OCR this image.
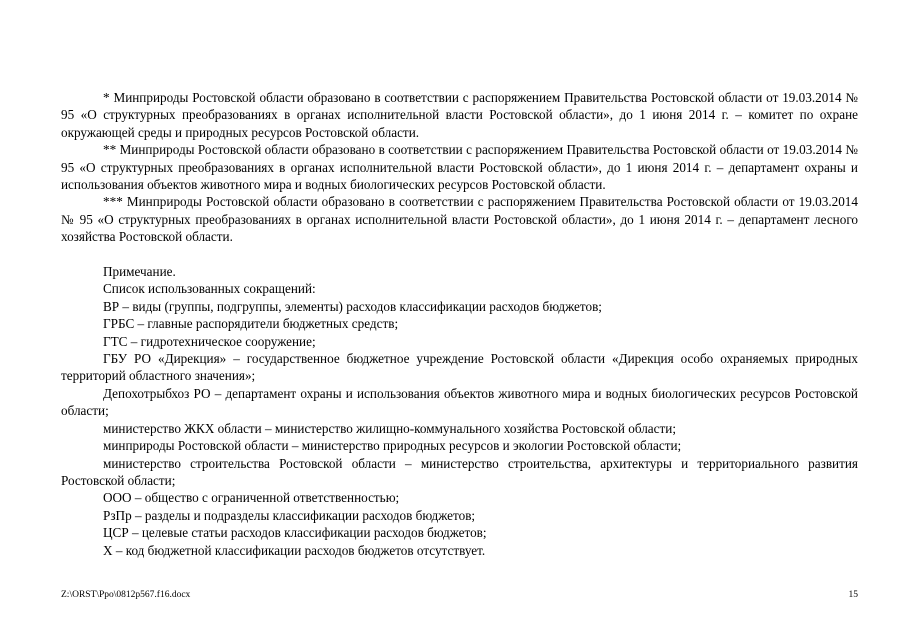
* Минприроды Ростовской области образовано в соответствии с распоряжением Правительства Ростовской области от 19.03.2014 № 95 «О структурных преобразованиях в органах исполнительной власти Ростовской области», до 1 июня 2014 г. – комитет по охране окружающей среды и природных ресурсов Ростовской области.

** Минприроды Ростовской области образовано в соответствии с распоряжением Правительства Ростовской области от 19.03.2014 № 95 «О структурных преобразованиях в органах исполнительной власти Ростовской области», до 1 июня 2014 г. – департамент охраны и использования объектов животного мира и водных биологических ресурсов Ростовской области.

*** Минприроды Ростовской области образовано в соответствии с распоряжением Правительства Ростовской области от 19.03.2014 № 95 «О структурных преобразованиях в органах исполнительной власти Ростовской области», до 1 июня 2014 г. – департамент лесного хозяйства Ростовской области.

Примечание.

Список использованных сокращений:

ВР – виды (группы, подгруппы, элементы) расходов классификации расходов бюджетов;

ГРБС – главные распорядители бюджетных средств;

ГТС – гидротехническое сооружение;

ГБУ РО «Дирекция» – государственное бюджетное учреждение Ростовской области «Дирекция особо охраняемых природных территорий областного значения»;

Депохотрыбхоз РО – департамент охраны и использования объектов животного мира и водных биологических ресурсов Ростовской области;

министерство ЖКХ области – министерство жилищно-коммунального хозяйства Ростовской области;

минприроды Ростовской области – министерство природных ресурсов и экологии Ростовской области;

министерство строительства Ростовской области – министерство строительства, архитектуры и территориального развития Ростовской области;

ООО – общество с ограниченной ответственностью;

РзПр – разделы и подразделы классификации расходов бюджетов;

ЦСР – целевые статьи расходов классификации расходов бюджетов;

Х – код бюджетной классификации расходов бюджетов отсутствует.

Z:\ORST\Ppo\0812p567.f16.docx	15
